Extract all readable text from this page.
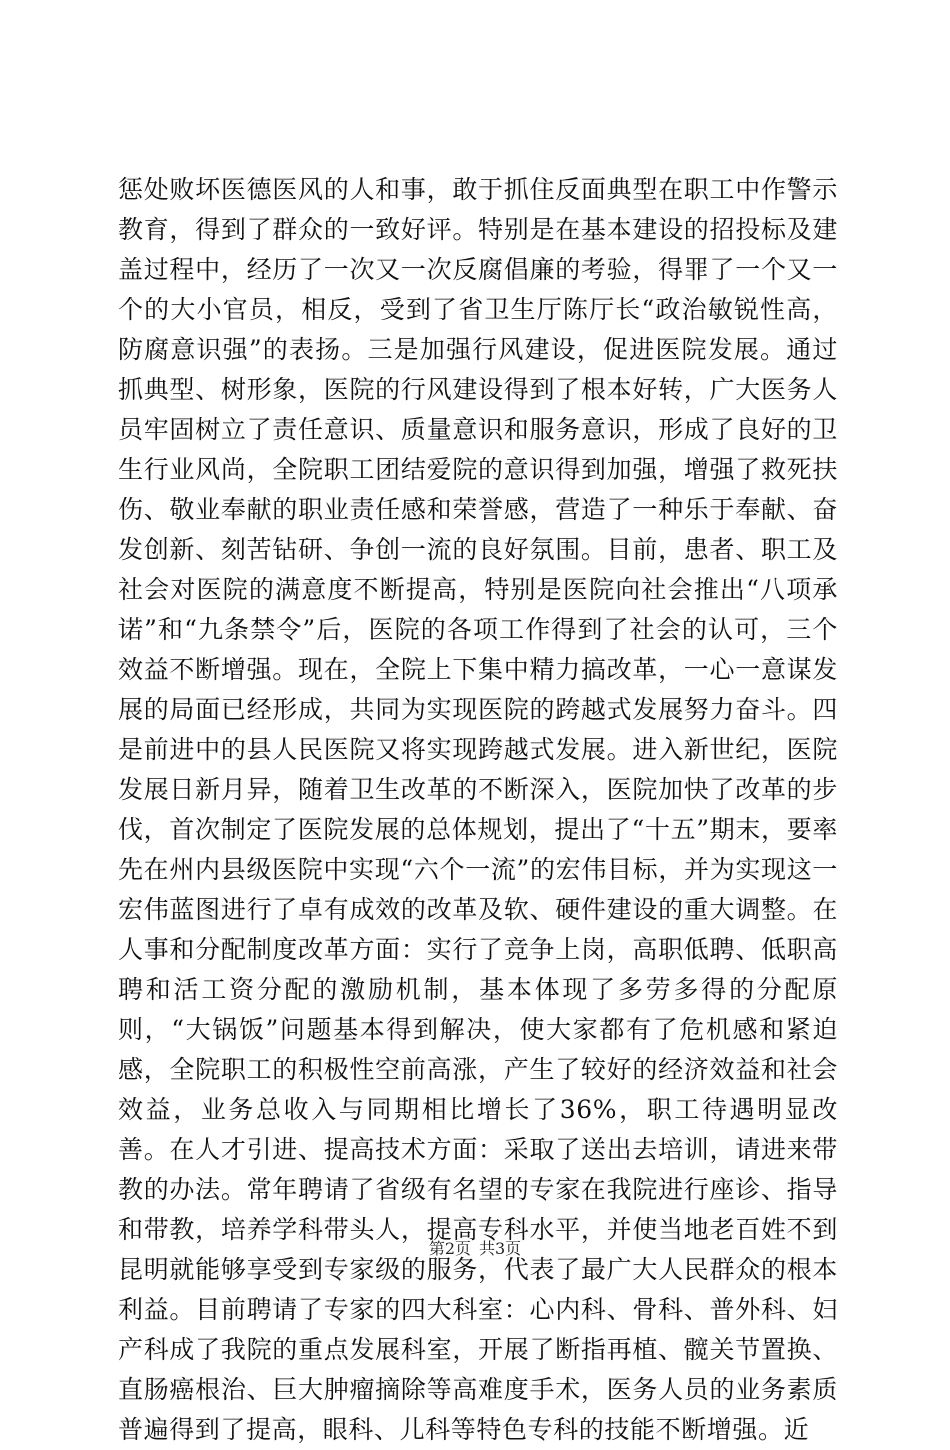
惩处败坏医德医风的人和事，敢于抓住反面典型在职工中作警示教育，得到了群众的一致好评。特别是在基本建设的招投标及建盖过程中，经历了一次又一次反腐倡廉的考验，得罪了一个又一个的大小官员，相反，受到了省卫生厅陈厅长“政治敏锐性高，防腐意识强”的表扬。三是加强行风建设，促进医院发展。通过抓典型、树形象，医院的行风建设得到了根本好转，广大医务人员牢固树立了责任意识、质量意识和服务意识，形成了良好的卫生行业风尚，全院职工团结爱院的意识得到加强，增强了救死扶伤、敬业奉献的职业责任感和荣誉感，营造了一种乐于奉献、奋发创新、刻苦钻研、争创一流的良好氛围。目前，患者、职工及社会对医院的满意度不断提高，特别是医院向社会推出“八项承诺”和“九条禁令”后，医院的各项工作得到了社会的认可，三个效益不断增强。现在，全院上下集中精力搞改革，一心一意谋发展的局面已经形成，共同为实现医院的跨越式发展努力奋斗。四是前进中的县人民医院又将实现跨越式发展。进入新世纪，医院发展日新月异，随着卫生改革的不断深入，医院加快了改革的步伐，首次制定了医院发展的总体规划，提出了“十五”期末，要率先在州内县级医院中实现“六个一流”的宏伟目标，并为实现这一宏伟蓝图进行了卓有成效的改革及软、硬件建设的重大调整。在人事和分配制度改革方面：实行了竞争上岗，高职低聘、低职高聘和活工资分配的激励机制，基本体现了多劳多得的分配原则，“大锅饭”问题基本得到解决，使大家都有了危机感和紧迫感，全院职工的积极性空前高涨，产生了较好的经济效益和社会效益，业务总收入与同期相比增长了36%，职工待遇明显改善。在人才引进、提高技术方面：采取了送出去培训，请进来带教的办法。常年聘请了省级有名望的专家在我院进行座诊、指导和带教，培养学科带头人，提高专科水平，并使当地老百姓不到昆明就能够享受到专家级的服务，代表了最广大人民群众的根本利益。目前聘请了专家的四大科室：心内科、骨科、普外科、妇产科成了我院的重点发展科室，开展了断指再植、髋关节置换、直肠癌根治、巨大肿瘤摘除等高难度手术，医务人员的业务素质普遍得到了提高，眼科、儿科等特色专科的技能不断增强。近

第2页 共3页
